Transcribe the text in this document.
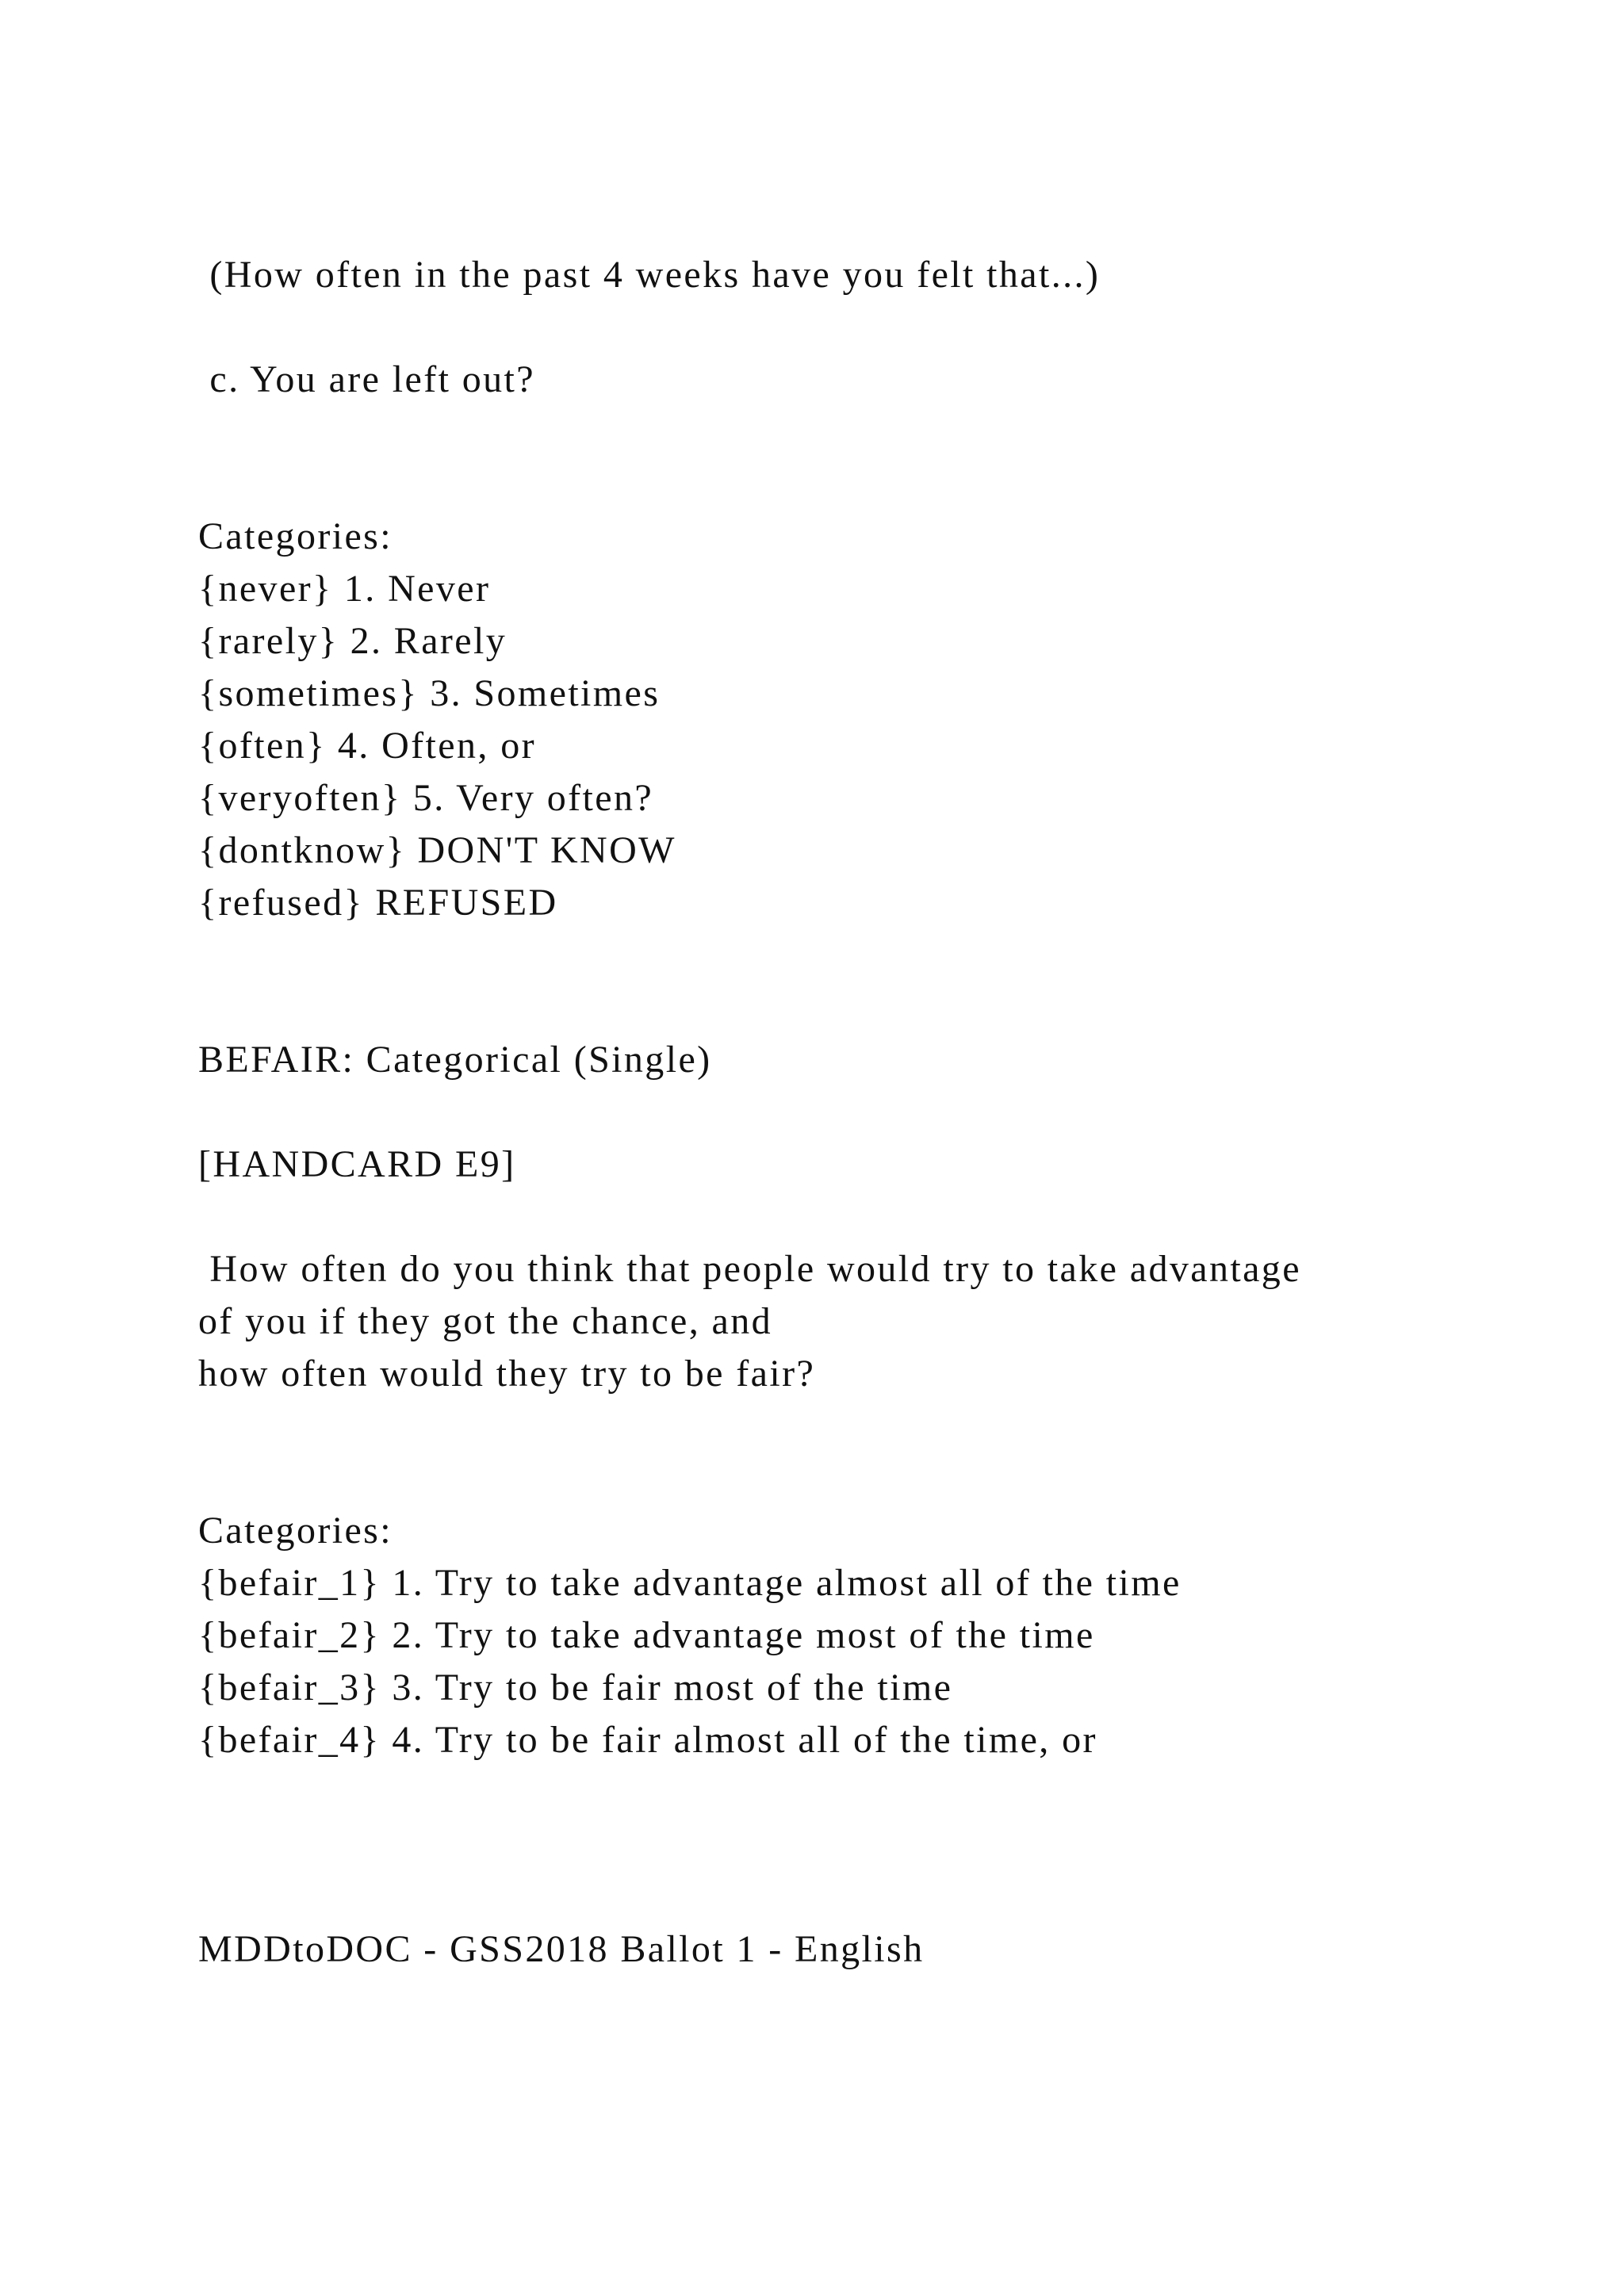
(How often in the past 4 weeks have you felt that...)
c. You are left out?
Categories:
{never} 1. Never
{rarely} 2. Rarely
{sometimes} 3. Sometimes
{often} 4. Often, or
{veryoften} 5. Very often?
{dontknow} DON'T KNOW
{refused} REFUSED
BEFAIR: Categorical (Single)
[HANDCARD E9]
How often do you think that people would try to take advantage
of you if they got the chance, and
how often would they try to be fair?
Categories:
{befair_1} 1. Try to take advantage almost all of the time
{befair_2} 2. Try to take advantage most of the time
{befair_3} 3. Try to be fair most of the time
{befair_4} 4. Try to be fair almost all of the time, or
MDDtoDOC - GSS2018 Ballot 1 - English
